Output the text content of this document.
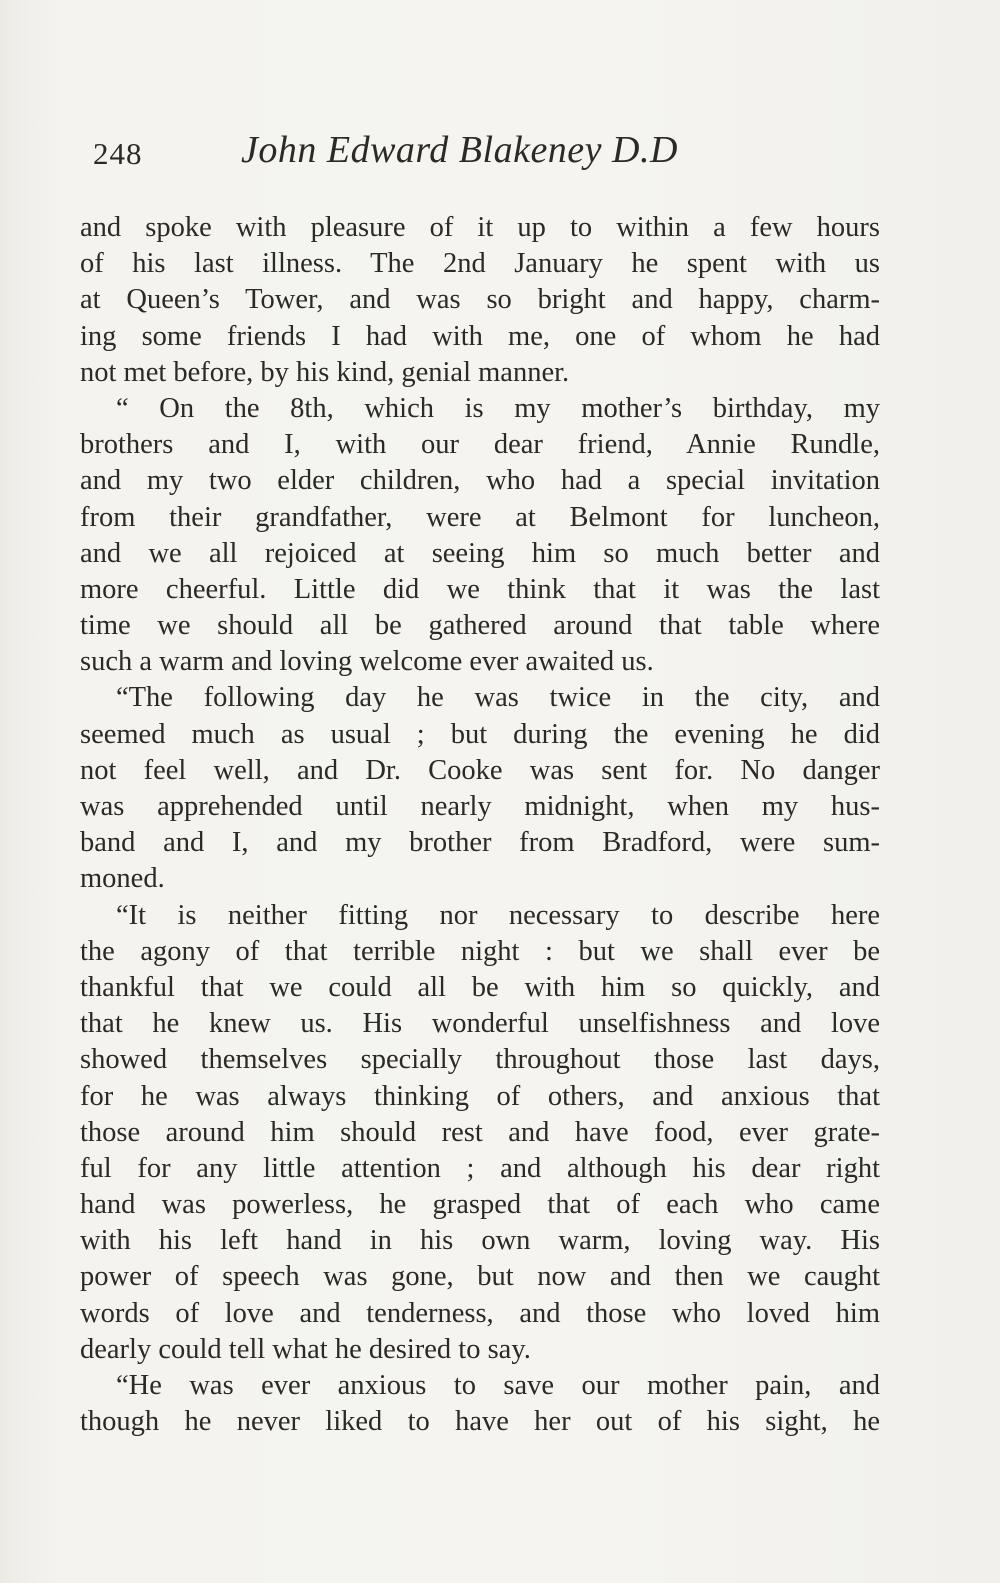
248	John Edward Blakeney D.D
and spoke with pleasure of it up to within a few hours
of his last illness. The 2nd January he spent with us
at Queen’s Tower, and was so bright and happy, charm-
ing some friends I had with me, one of whom he had
not met before, by his kind, genial manner.
“ On the 8th, which is my mother’s birthday, my
brothers and I, with our dear friend, Annie Rundle,
and my two elder children, who had a special invitation
from their grandfather, were at Belmont for luncheon,
and we all rejoiced at seeing him so much better and
more cheerful. Little did we think that it was the last
time we should all be gathered around that table where
such a warm and loving welcome ever awaited us.
“The following day he was twice in the city, and
seemed much as usual ; but during the evening he did
not feel well, and Dr. Cooke was sent for. No danger
was apprehended until nearly midnight, when my hus-
band and I, and my brother from Bradford, were sum-
moned.
“It is neither fitting nor necessary to describe here
the agony of that terrible night : but we shall ever be
thankful that we could all be with him so quickly, and
that he knew us. His wonderful unselfishness and love
showed themselves specially throughout those last days,
for he was always thinking of others, and anxious that
those around him should rest and have food, ever grate-
ful for any little attention ; and although his dear right
hand was powerless, he grasped that of each who came
with his left hand in his own warm, loving way. His
power of speech was gone, but now and then we caught
words of love and tenderness, and those who loved him
dearly could tell what he desired to say.
“He was ever anxious to save our mother pain, and
though he never liked to have her out of his sight, he
